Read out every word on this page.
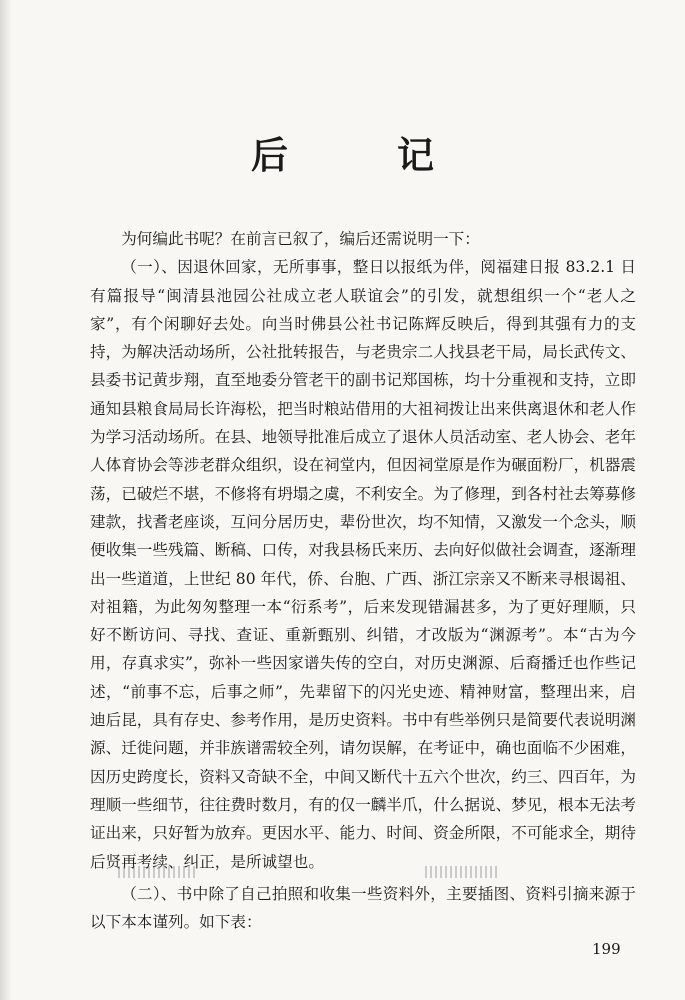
后　记

为何编此书呢？在前言已叙了，编后还需说明一下：

（一）、因退休回家，无所事事，整日以报纸为伴，阅福建日报 83.2.1 日有篇报导“闽清县池园公社成立老人联谊会”的引发，就想组织一个“老人之家”，有个闲聊好去处。向当时佛县公社书记陈辉反映后，得到其强有力的支持，为解决活动场所，公社批转报告，与老贵宗二人找县老干局，局长武传文、县委书记黄步翔，直至地委分管老干的副书记郑国栋，均十分重视和支持，立即通知县粮食局局长许海松，把当时粮站借用的大祖祠拨让出来供离退休和老人作为学习活动场所。在县、地领导批准后成立了退休人员活动室、老人协会、老年人体育协会等涉老群众组织，设在祠堂内，但因祠堂原是作为碾面粉厂，机器震荡，已破烂不堪，不修将有坍塌之虞，不利安全。为了修理，到各村社去筹募修建款，找耆老座谈，互问分居历史，辈份世次，均不知情，又激发一个念头，顺便收集一些残篇、断稿、口传，对我县杨氏来历、去向好似做社会调查，逐渐理出一些道道，上世纪 80 年代，侨、台胞、广西、浙江宗亲又不断来寻根谒祖、对祖籍，为此匆匆整理一本“衍系考”，后来发现错漏甚多，为了更好理顺，只好不断访问、寻找、查证、重新甄别、纠错，才改版为“渊源考”。本“古为今用，存真求实”，弥补一些因家谱失传的空白，对历史渊源、后裔播迁也作些记述，“前事不忘，后事之师”，先辈留下的闪光史迹、精神财富，整理出来，启迪后昆，具有存史、参考作用，是历史资料。书中有些举例只是简要代表说明渊源、迁徙问题，并非族谱需较全列，请勿误解，在考证中，确也面临不少困难，因历史跨度长，资料又奇缺不全，中间又断代十五六个世次，约三、四百年，为理顺一些细节，往往费时数月，有的仅一麟半爪，什么据说、梦见，根本无法考证出来，只好暂为放弃。更因水平、能力、时间、资金所限，不可能求全，期待后贤再考续、纠正，是所诚望也。

（二）、书中除了自己拍照和收集一些资料外，主要插图、资料引摘来源于以下本本谨列。如下表：

199
